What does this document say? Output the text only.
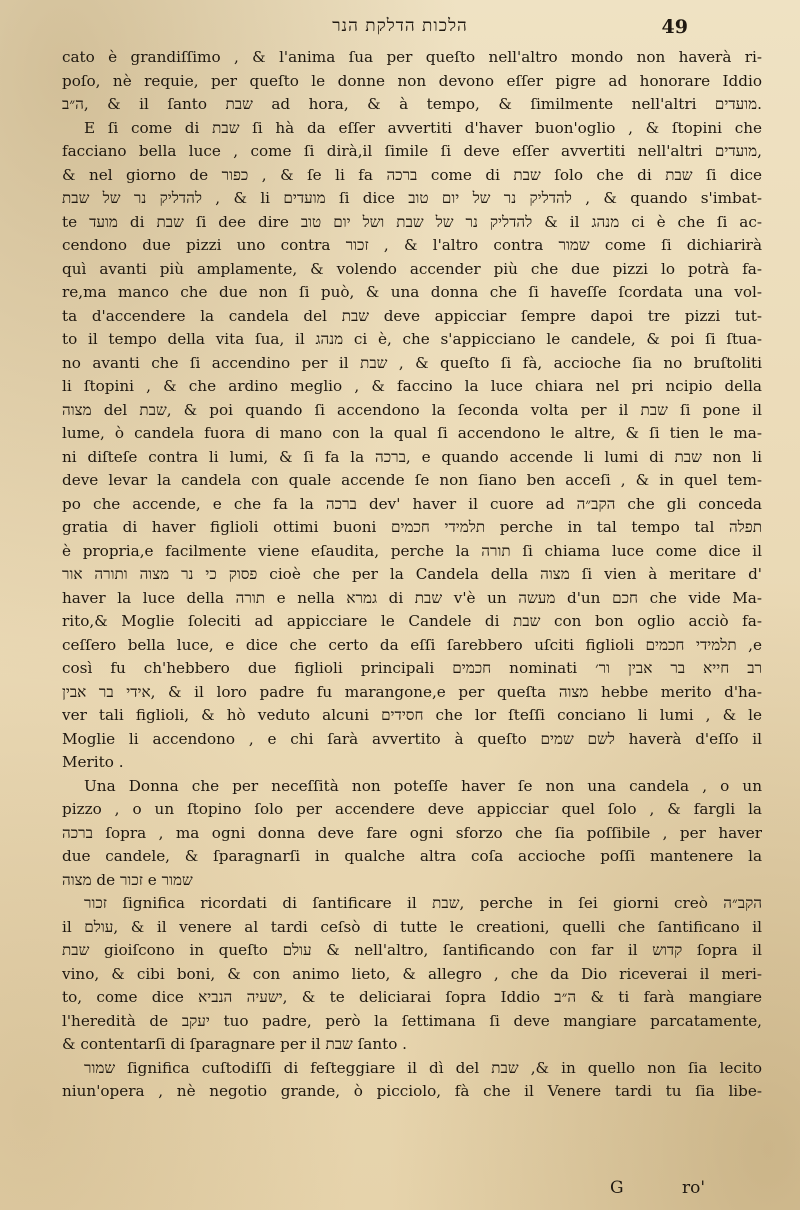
הלכות הדלקת הנר	49
cato è grandiſſimo , & l'anima ſua per queſto nell'altro mondo non haverà ri-
poſo, nè requie, per queſto le donne non devono eſſer pigre ad honorare Iddio
ה״ב, & il ſanto שבת ad hora, & à tempo, & ſimilmente nell'altri מועדים.
E ſi come di שבת ſi hà da eſſer avvertiti d'haver buon'oglio , & ſtopini che
facciano bella luce , come ſi dirà,il ſimile ſi deve eſſer avvertiti nell'altri מועדים,
& nel giorno de כפור , & ſe li fa ברכה come di שבת ſolo che di שבת ſi dice
להדליק נר של שבת , & li מועדים ſi dice להדליק נר של יום טוב , & quando s'imbat-
te מועד di שבת ſi dee dire להדליק נר של שבת ושל יום טוב & il מנהג ci è che ſi ac-
cendono due pizzi uno contra זכור , & l'altro contra שמור come ſi dichiarirà
quì avanti più amplamente, & volendo accender più che due pizzi lo potrà fa-
re,ma manco che due non ſi può, & una donna che ſi haveſſe ſcordata una vol-
ta d'accendere la candela del שבת deve appicciar ſempre dapoi tre pizzi tut-
to il tempo della vita ſua, il מנהג ci è, che s'appicciano le candele, & poi ſi ſtua-
no avanti che ſi accendino per il שבת , & queſto ſi fà, accioche ſia no bruſtoliti
li ſtopini , & che ardino meglio , & faccino la luce chiara nel pri ncipio della
מצוה del שבת, & poi quando ſi accendono la ſeconda volta per il שבת ſi pone il
lume, ò candela fuora di mano con la qual ſi accendono le altre, & ſi tien le ma-
ni diſteſe contra li lumi, & ſi fa la ברכה, e quando accende li lumi di שבת non li
deve levar la candela con quale accende ſe non ſiano ben acceſi , & in quel tem-
po che accende, e che fa la ברכה dev' haver il cuore ad הקב״ה che gli conceda
gratia di haver figlioli ottimi buoni תלמידי חכמים perche in tal tempo tal תפלה
è propria,e facilmente viene eſaudita, perche la תורה ſi chiama luce come dice il
פסוק כי נר מצוה ותורה אור cioè che per la Candela della מצוה ſi vien à meritare d'
haver la luce della תורה e nella גמרא di שבת v'è un מעשה d'un חכם che vide Ma-
rito,& Moglie ſoleciti ad appicciare le Candele di שבת con bon oglio acciò fa-
ceſſero bella luce, e dice che certo da eſſi ſarebbero uſciti figlioli תלמידי חכמים ,e
così fu ch'hebbero due figlioli principali חכמים nominati רב חייא בר אבין ור׳
אידי בר אבין, & il loro padre fu marangone,e per queſta מצוה hebbe merito d'ha-
ver tali figlioli, & hò veduto alcuni חסידים che lor ſteſſi conciano li lumi , & le
Moglie li accendono , e chi ſarà avvertito à queſto לשם שמים haverà d'eſſo il
Merito .
Una Donna che per neceſſità non poteſſe haver ſe non una candela , o un
pizzo , o un ſtopino ſolo per accendere deve appicciar quel ſolo , & fargli la
ברכה ſopra , ma ogni donna deve fare ogni sforzo che ſia poſſibile , per haver
due candele, & ſparagnarſi in qualche altra coſa accioche poſſi mantenere la
מצוה de זכור e שמור
זכור ſignifica ricordati di ſantificare il שבת, perche in ſei giorni creò הקב״ה
il עולם, & il venere al tardi ceſsò di tutte le creationi, quelli che ſantificano il
שבת gioiſcono in queſto עולם & nell'altro, ſantificando con far il קדוש ſopra il
vino, & cibi boni, & con animo lieto, & allegro , che da Dio riceverai il meri-
to, come dice ישעיה הנביא, & te deliciarai ſopra Iddio ה״ב & ti farà mangiare
l'heredità de יעקב tuo padre, però la ſettimana ſi deve mangiare parcatamente,
& contentarſi di ſparagnare per il שבת ſanto .
שמור ſignifica cuſtodiſſi di feſteggiare il dì del שבת ,& in quello non ſia lecito
niun'opera , nè negotio grande, ò picciolo, fà che il Venere tardi tu ſia libe-
G	ro'
